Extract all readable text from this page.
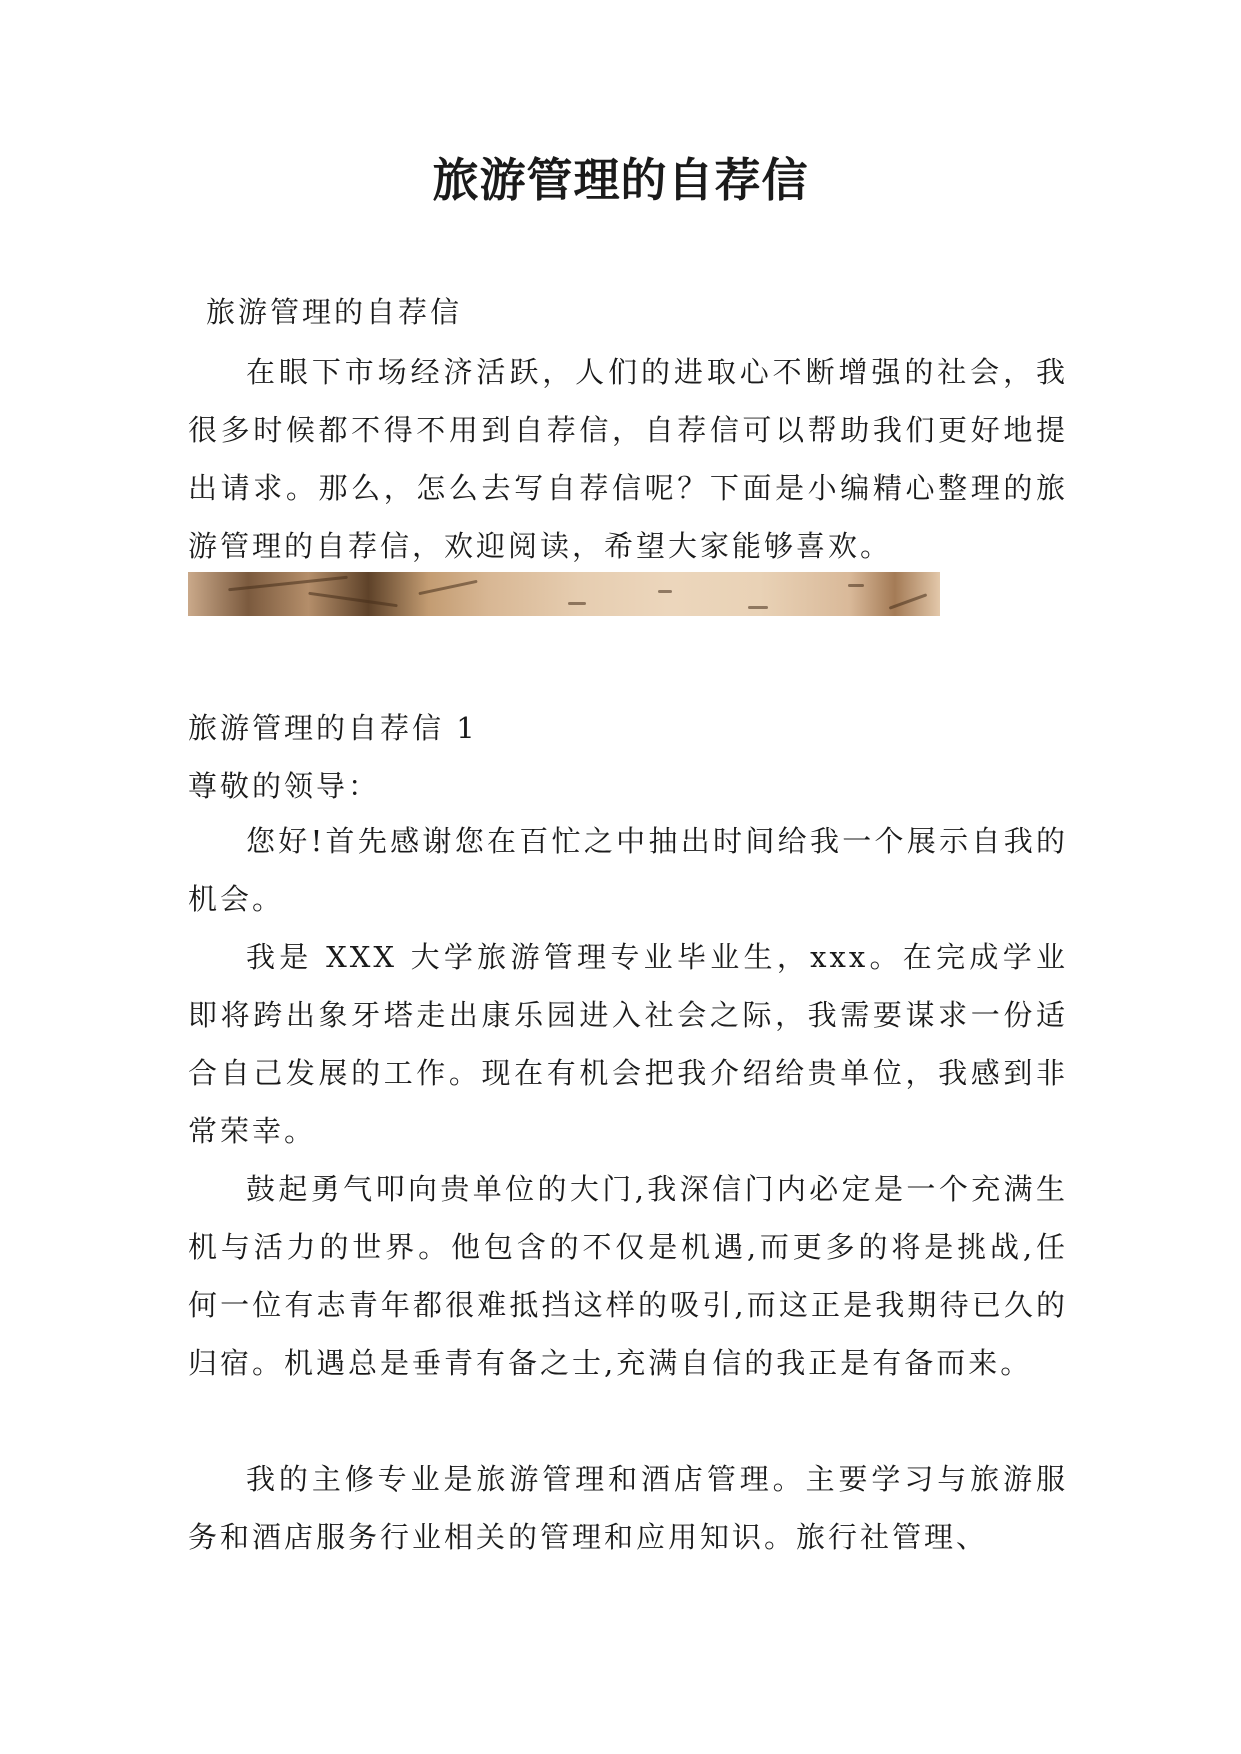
旅游管理的自荐信

旅游管理的自荐信

在眼下市场经济活跃，人们的进取心不断增强的社会，我很多时候都不得不用到自荐信，自荐信可以帮助我们更好地提出请求。那么，怎么去写自荐信呢？下面是小编精心整理的旅游管理的自荐信，欢迎阅读，希望大家能够喜欢。

旅游管理的自荐信 1

尊敬的领导：

您好!首先感谢您在百忙之中抽出时间给我一个展示自我的机会。

我是 XXX 大学旅游管理专业毕业生，xxx。在完成学业即将跨出象牙塔走出康乐园进入社会之际，我需要谋求一份适合自己发展的工作。现在有机会把我介绍给贵单位，我感到非常荣幸。

鼓起勇气叩向贵单位的大门,我深信门内必定是一个充满生机与活力的世界。他包含的不仅是机遇,而更多的将是挑战,任何一位有志青年都很难抵挡这样的吸引,而这正是我期待已久的归宿。机遇总是垂青有备之士,充满自信的我正是有备而来。

我的主修专业是旅游管理和酒店管理。主要学习与旅游服务和酒店服务行业相关的管理和应用知识。旅行社管理、
